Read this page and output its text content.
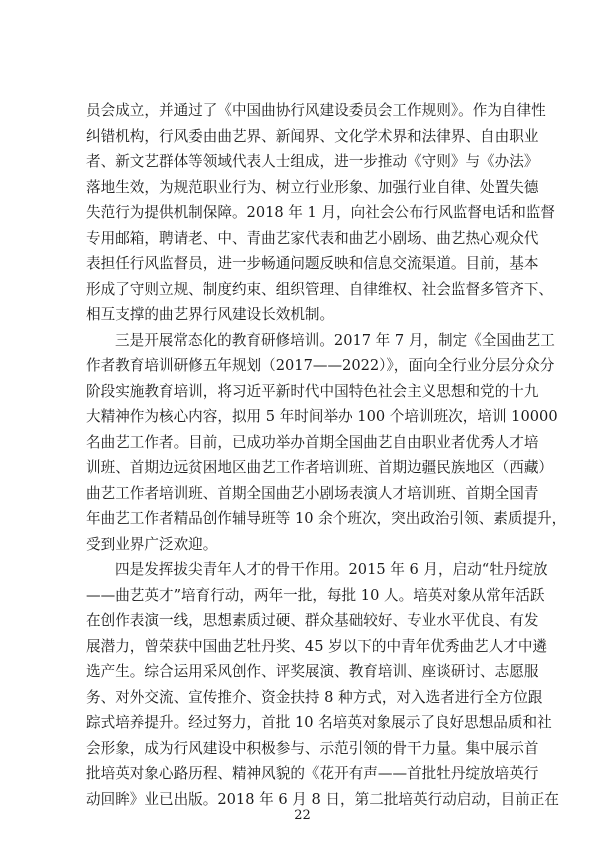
员会成立，并通过了《中国曲协行风建设委员会工作规则》。作为自律性
纠错机构，行风委由曲艺界、新闻界、文化学术界和法律界、自由职业
者、新文艺群体等领域代表人士组成，进一步推动《守则》与《办法》
落地生效，为规范职业行为、树立行业形象、加强行业自律、处置失德
失范行为提供机制保障。2018 年 1 月，向社会公布行风监督电话和监督
专用邮箱，聘请老、中、青曲艺家代表和曲艺小剧场、曲艺热心观众代
表担任行风监督员，进一步畅通问题反映和信息交流渠道。目前，基本
形成了守则立规、制度约束、组织管理、自律维权、社会监督多管齐下、
相互支撑的曲艺界行风建设长效机制。
三是开展常态化的教育研修培训。2017 年 7 月，制定《全国曲艺工
作者教育培训研修五年规划（2017——2022）》，面向全行业分层分众分
阶段实施教育培训，将习近平新时代中国特色社会主义思想和党的十九
大精神作为核心内容，拟用 5 年时间举办 100 个培训班次，培训 10000
名曲艺工作者。目前，已成功举办首期全国曲艺自由职业者优秀人才培
训班、首期边远贫困地区曲艺工作者培训班、首期边疆民族地区（西藏）
曲艺工作者培训班、首期全国曲艺小剧场表演人才培训班、首期全国青
年曲艺工作者精品创作辅导班等 10 余个班次，突出政治引领、素质提升，
受到业界广泛欢迎。
四是发挥拔尖青年人才的骨干作用。2015 年 6 月，启动“牡丹绽放
——曲艺英才”培育行动，两年一批，每批 10 人。培英对象从常年活跃
在创作表演一线，思想素质过硬、群众基础较好、专业水平优良、有发
展潜力，曾荣获中国曲艺牡丹奖、45 岁以下的中青年优秀曲艺人才中遴
选产生。综合运用采风创作、评奖展演、教育培训、座谈研讨、志愿服
务、对外交流、宣传推介、资金扶持 8 种方式，对入选者进行全方位跟
踪式培养提升。经过努力，首批 10 名培英对象展示了良好思想品质和社
会形象，成为行风建设中积极参与、示范引领的骨干力量。集中展示首
批培英对象心路历程、精神风貌的《花开有声——首批牡丹绽放培英行
动回眸》业已出版。2018 年 6 月 8 日，第二批培英行动启动，目前正在
22
